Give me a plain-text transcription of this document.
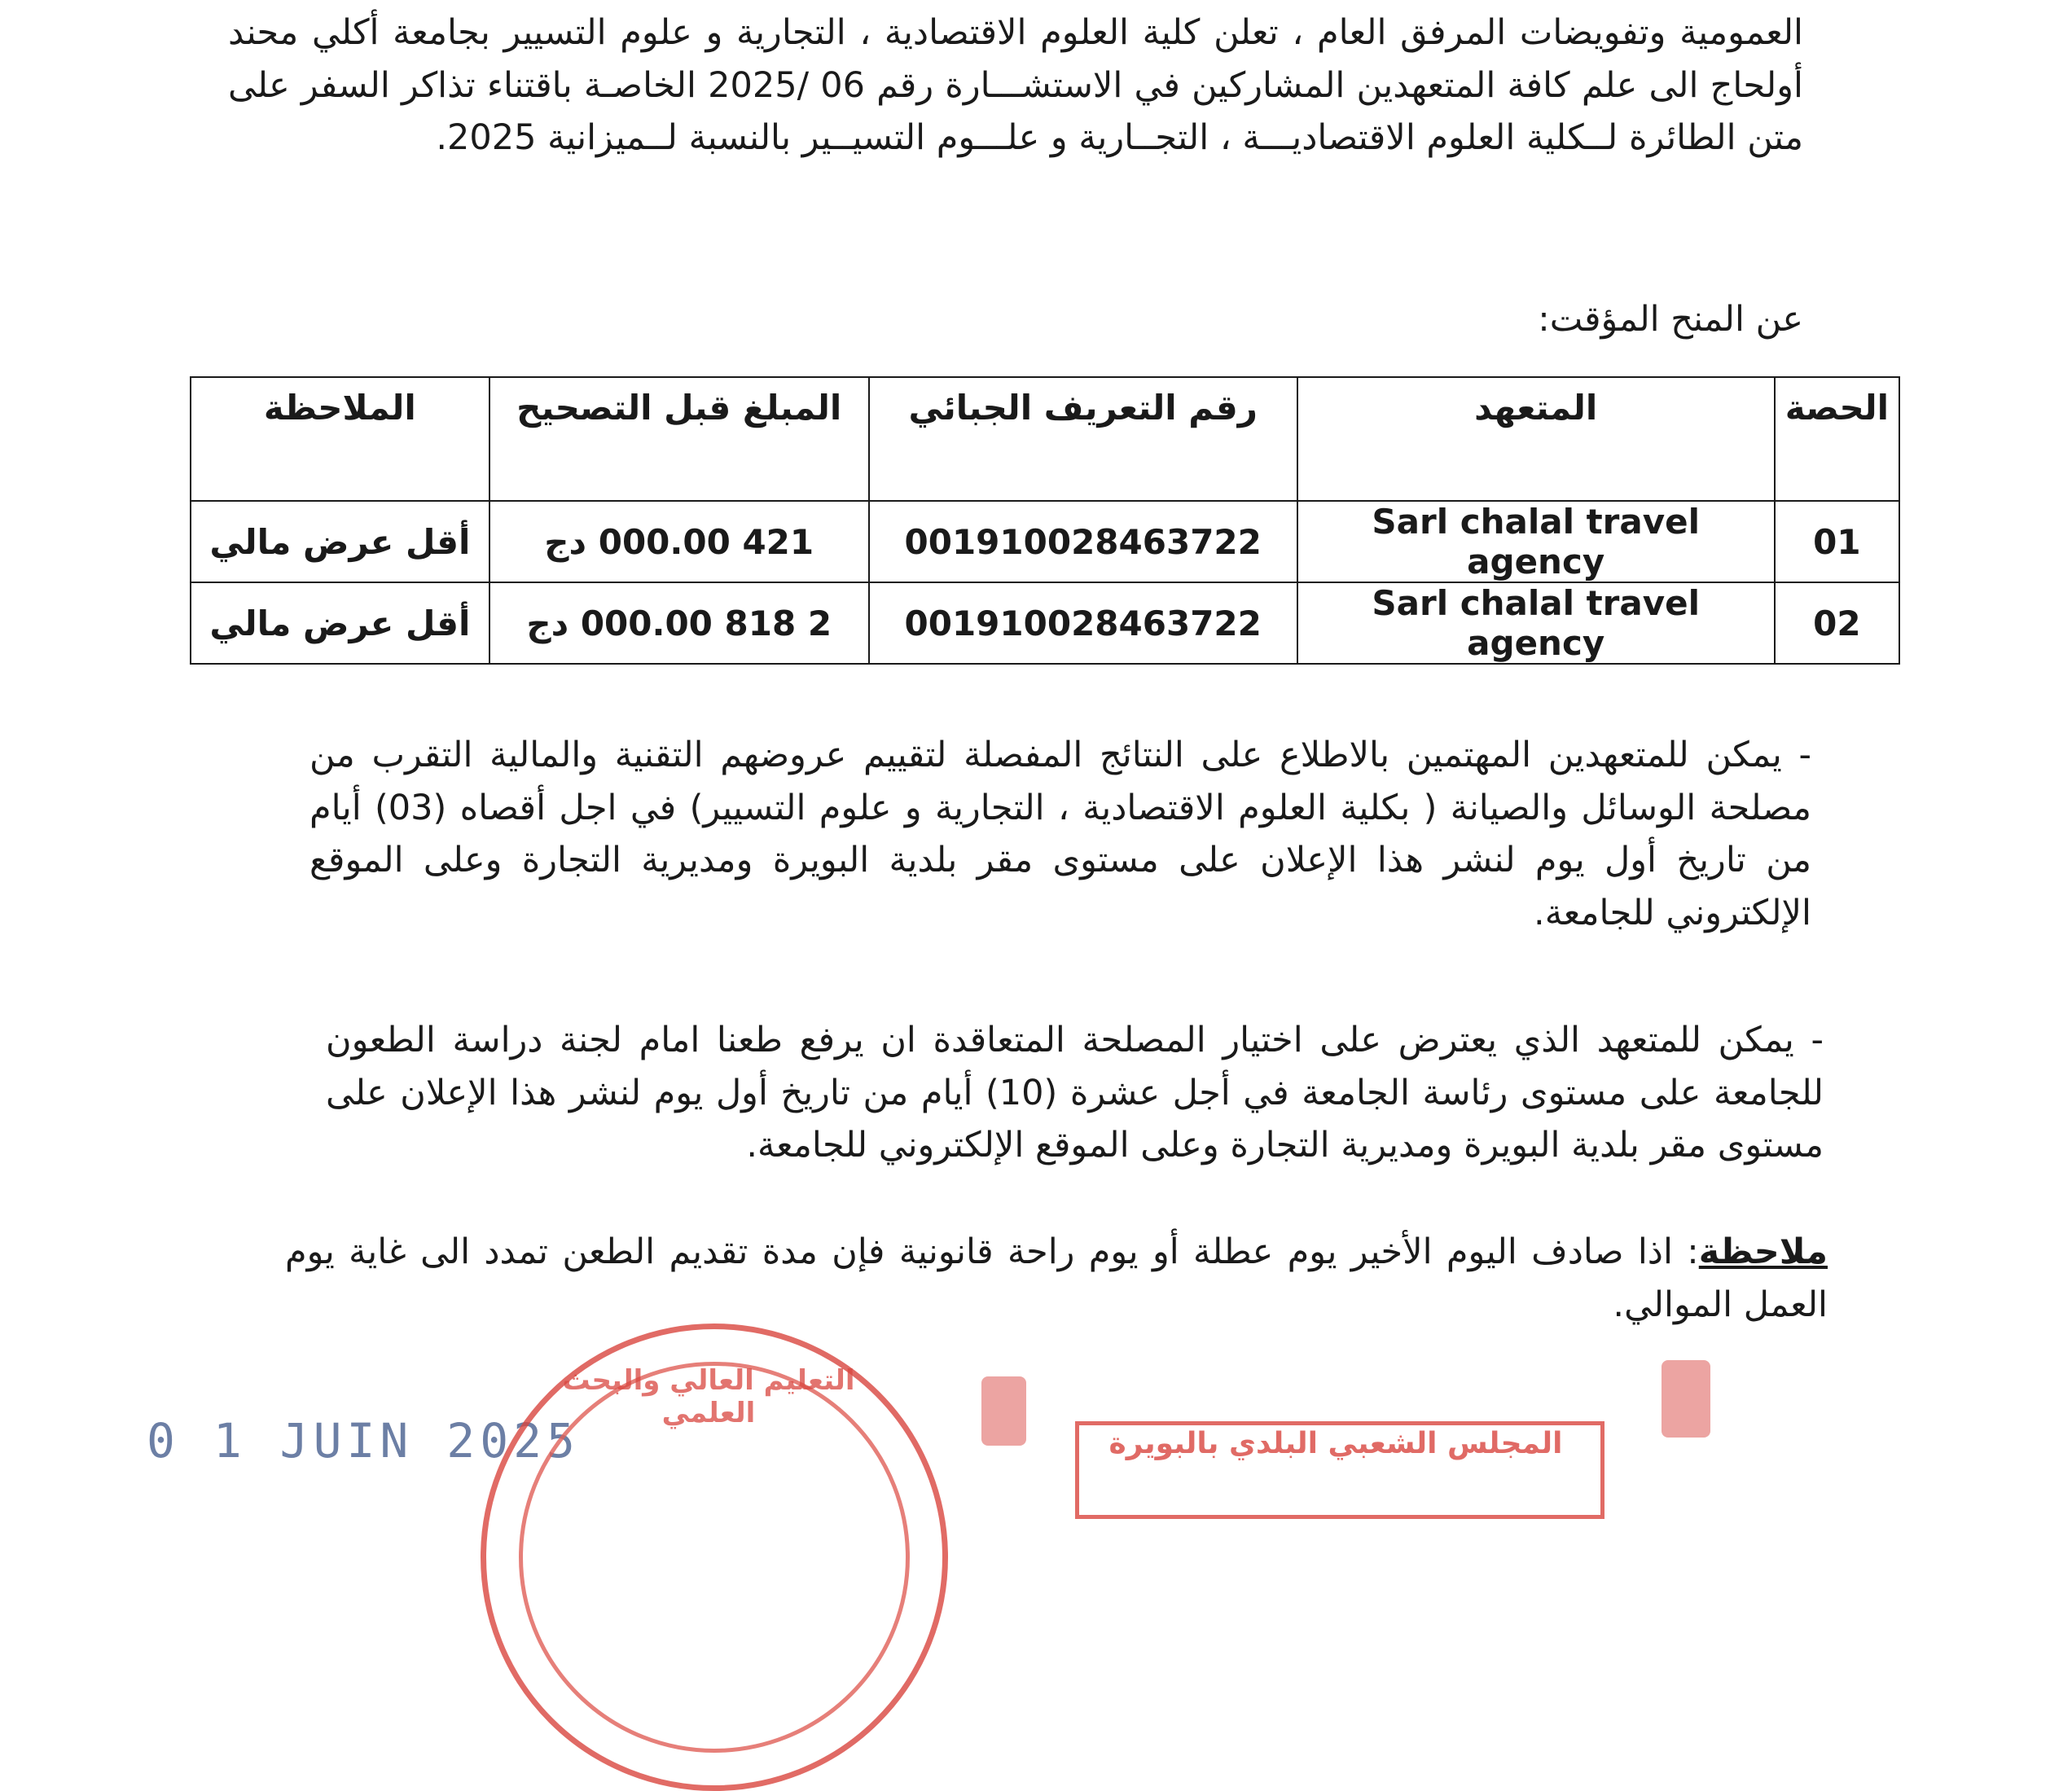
العمومية وتفويضات المرفق العام ، تعلن كلية العلوم الاقتصادية ، التجارية و علوم التسيير بجامعة أكلي محند أولحاج الى علم كافة المتعهدين المشاركين في الاستشـــارة رقم 06 /2025 الخاصـة باقتناء تذاكر السفر على متن الطائرة لــكلية العلوم الاقتصاديـــة ، التجــارية و علـــوم التسيــير بالنسبة لــميزانية 2025.
عن المنح المؤقت:
الحصة	المتعهد	رقم التعريف الجبائي	المبلغ قبل التصحيح	الملاحظة
01	Sarl chalal travel agency	001910028463722	421 000.00 دج	أقل عرض مالي
02	Sarl chalal travel agency	001910028463722	2 818 000.00 دج	أقل عرض مالي
- يمكن للمتعهدين المهتمين بالاطلاع على النتائج المفصلة لتقييم عروضهم التقنية والمالية التقرب من مصلحة الوسائل والصيانة ( بكلية العلوم الاقتصادية ، التجارية و علوم التسيير) في اجل أقصاه (03) أيام من تاريخ أول يوم لنشر هذا الإعلان على مستوى مقر بلدية البويرة ومديرية التجارة وعلى الموقع الإلكتروني للجامعة.
- يمكن للمتعهد الذي يعترض على اختيار المصلحة المتعاقدة ان يرفع طعنا امام لجنة دراسة الطعون للجامعة على مستوى رئاسة الجامعة في أجل عشرة (10) أيام من تاريخ أول يوم لنشر هذا الإعلان على مستوى مقر بلدية البويرة ومديرية التجارة وعلى الموقع الإلكتروني للجامعة.
ملاحظة: اذا صادف اليوم الأخير يوم عطلة أو يوم راحة قانونية فإن مدة تقديم الطعن تمدد الى غاية يوم العمل الموالي.
0 1 JUIN 2025
التعليم العالي والبحث العلمي
المجلس الشعبي البلدي بالبويرة
